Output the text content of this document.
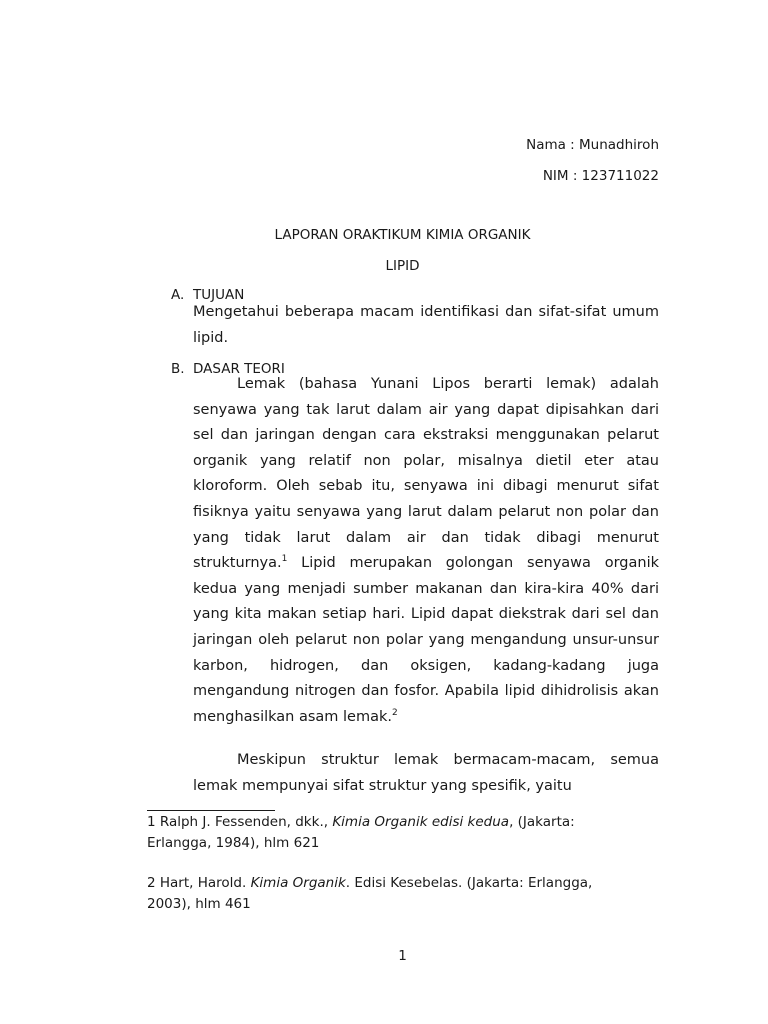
Nama : Munadhiroh
NIM : 123711022
LAPORAN ORAKTIKUM KIMIA ORGANIK
LIPID
A. TUJUAN
Mengetahui beberapa macam identifikasi dan sifat-sifat umum lipid.
B. DASAR TEORI
Lemak (bahasa Yunani Lipos berarti lemak) adalah senyawa yang tak larut dalam air yang dapat dipisahkan dari sel dan jaringan dengan cara ekstraksi menggunakan pelarut organik yang relatif non polar, misalnya dietil eter atau kloroform. Oleh sebab itu, senyawa ini dibagi menurut sifat fisiknya yaitu senyawa yang larut dalam pelarut non polar dan yang tidak larut dalam air dan tidak dibagi menurut strukturnya.$^1$ Lipid merupakan golongan senyawa organik kedua yang menjadi sumber makanan dan kira-kira 40% dari yang kita makan setiap hari. Lipid dapat diekstrak dari sel dan jaringan oleh pelarut non polar yang mengandung unsur-unsur karbon, hidrogen, dan oksigen, kadang-kadang juga mengandung nitrogen dan fosfor. Apabila lipid dihidrolisis akan menghasilkan asam lemak.$^2$
Meskipun struktur lemak bermacam-macam, semua lemak mempunyai sifat struktur yang spesifik, yaitu
1 Ralph J. Fessenden, dkk., Kimia Organik edisi kedua, (Jakarta: Erlangga, 1984), hlm 621
2 Hart, Harold. Kimia Organik. Edisi Kesebelas. (Jakarta: Erlangga, 2003), hlm 461
1
